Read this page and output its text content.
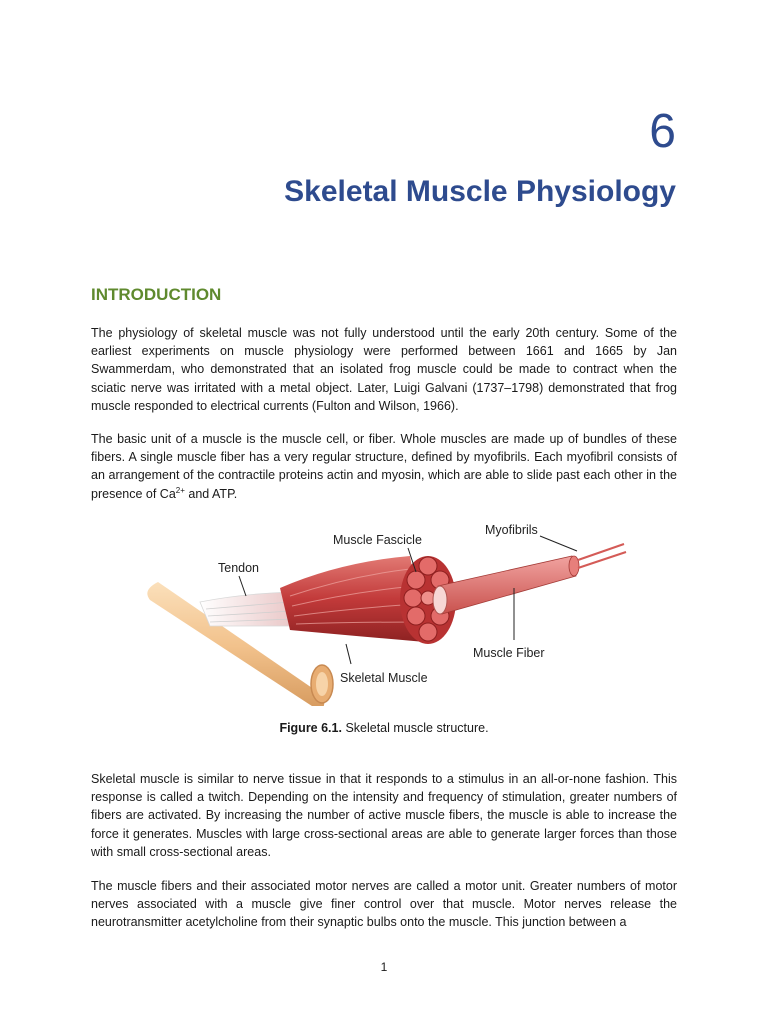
6
Skeletal Muscle Physiology
INTRODUCTION

The physiology of skeletal muscle was not fully understood until the early 20th century. Some of the earliest experiments on muscle physiology were performed between 1661 and 1665 by Jan Swammerdam, who demonstrated that an isolated frog muscle could be made to contract when the sciatic nerve was irritated with a metal object. Later, Luigi Galvani (1737–1798) demonstrated that frog muscle responded to electrical currents (Fulton and Wilson, 1966).

The basic unit of a muscle is the muscle cell, or fiber. Whole muscles are made up of bundles of these fibers. A single muscle fiber has a very regular structure, defined by myofibrils. Each myofibril consists of an arrangement of the contractile proteins actin and myosin, which are able to slide past each other in the presence of $Ca^{2+}$ and ATP.

Tendon
Muscle Fascicle
Myofibrils
Muscle Fiber
Skeletal Muscle

Figure 6.1. Skeletal muscle structure.

Skeletal muscle is similar to nerve tissue in that it responds to a stimulus in an all-or-none fashion. This response is called a twitch. Depending on the intensity and frequency of stimulation, greater numbers of fibers are activated. By increasing the number of active muscle fibers, the muscle is able to increase the force it generates. Muscles with large cross-sectional areas are able to generate larger forces than those with small cross-sectional areas.

The muscle fibers and their associated motor nerves are called a motor unit. Greater numbers of motor nerves associated with a muscle give finer control over that muscle. Motor nerves release the neurotransmitter acetylcholine from their synaptic bulbs onto the muscle. This junction between a

1
